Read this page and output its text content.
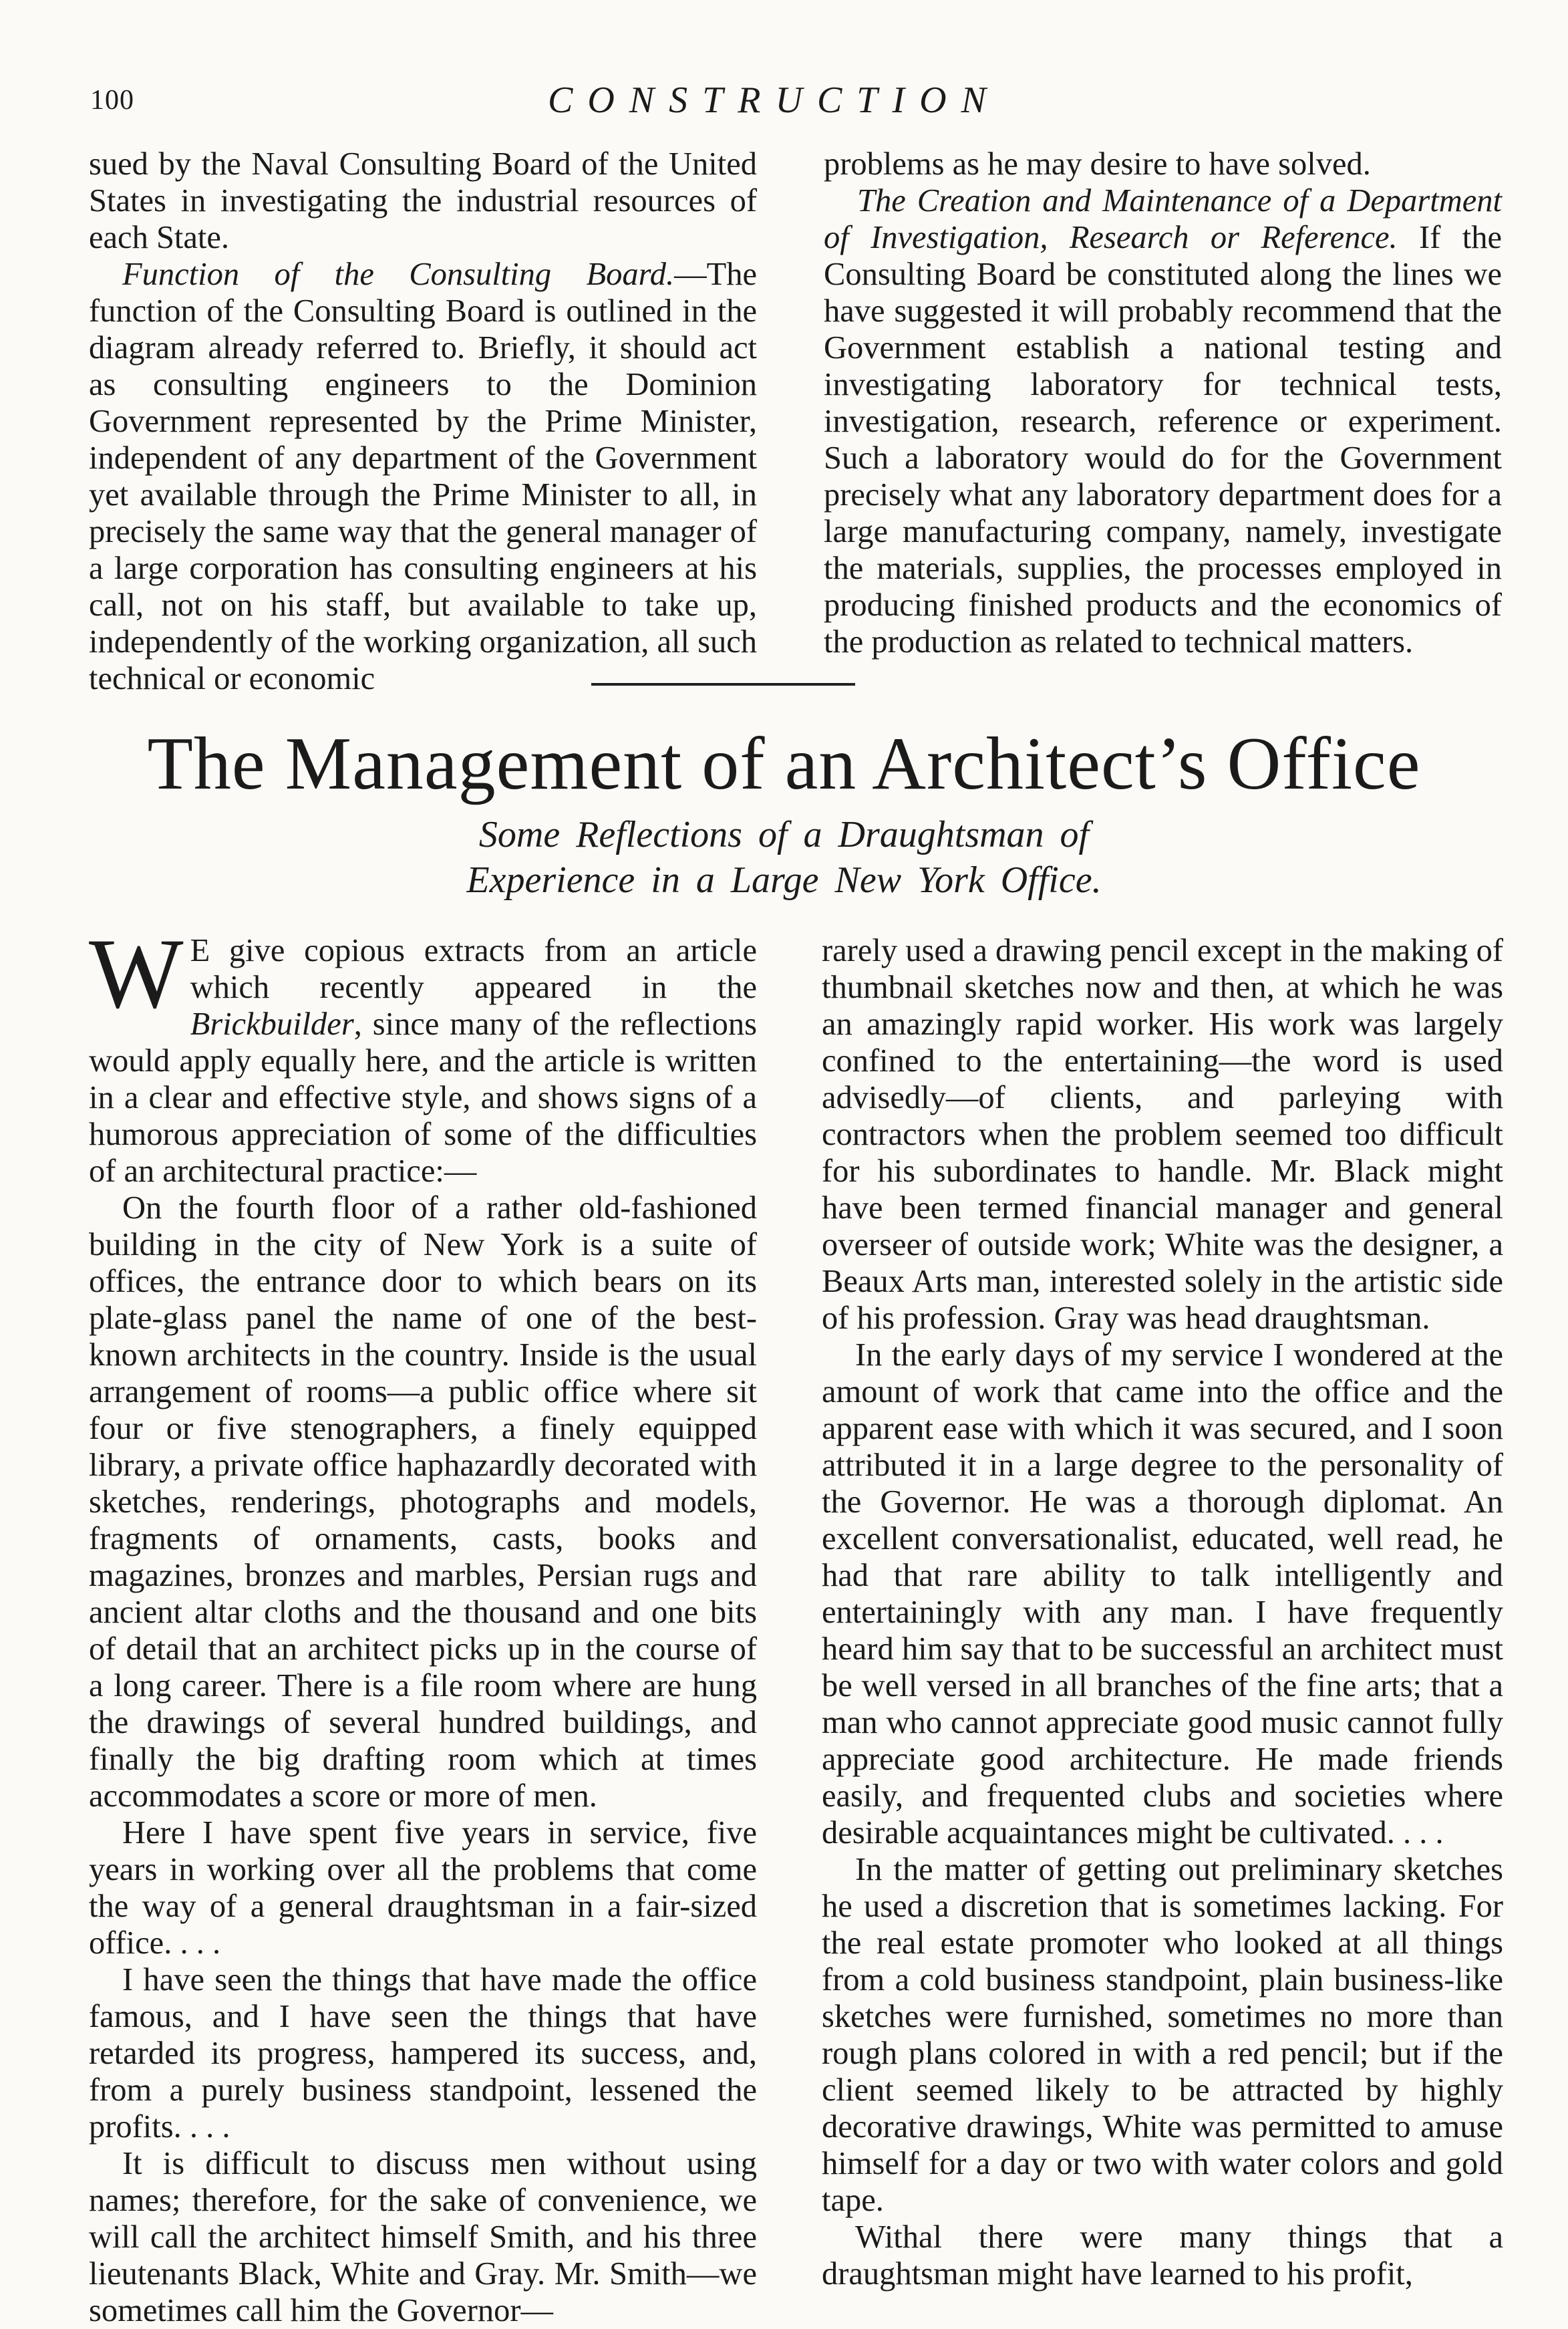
100	CONSTRUCTION

sued by the Naval Consulting Board of the United States in investigating the industrial resources of each State.

Function of the Consulting Board.—The function of the Consulting Board is outlined in the diagram already referred to. Briefly, it should act as consulting engineers to the Dominion Government represented by the Prime Minister, independent of any department of the Government yet available through the Prime Minister to all, in precisely the same way that the general manager of a large corporation has consulting engineers at his call, not on his staff, but available to take up, independently of the working organization, all such technical or economic

problems as he may desire to have solved.

The Creation and Maintenance of a Department of Investigation, Research or Reference. If the Consulting Board be constituted along the lines we have suggested it will probably recommend that the Government establish a national testing and investigating laboratory for technical tests, investigation, research, reference or experiment. Such a laboratory would do for the Government precisely what any laboratory department does for a large manufacturing company, namely, investigate the materials, supplies, the processes employed in producing finished products and the economics of the production as related to technical matters.

The Management of an Architect’s Office
Some Reflections of a Draughtsman of
Experience in a Large New York Office.

W E give copious extracts from an article which recently appeared in the Brickbuilder, since many of the reflections would apply equally here, and the article is written in a clear and effective style, and shows signs of a humorous appreciation of some of the difficulties of an architectural practice:—

On the fourth floor of a rather old-fashioned building in the city of New York is a suite of offices, the entrance door to which bears on its plate-glass panel the name of one of the best-known architects in the country. Inside is the usual arrangement of rooms—a public office where sit four or five stenographers, a finely equipped library, a private office haphazardly decorated with sketches, renderings, photographs and models, fragments of ornaments, casts, books and magazines, bronzes and marbles, Persian rugs and ancient altar cloths and the thousand and one bits of detail that an architect picks up in the course of a long career. There is a file room where are hung the drawings of several hundred buildings, and finally the big drafting room which at times accommodates a score or more of men.

Here I have spent five years in service, five years in working over all the problems that come the way of a general draughtsman in a fair-sized office. . . .

I have seen the things that have made the office famous, and I have seen the things that have retarded its progress, hampered its success, and, from a purely business standpoint, lessened the profits. . . .

It is difficult to discuss men without using names; therefore, for the sake of convenience, we will call the architect himself Smith, and his three lieutenants Black, White and Gray. Mr. Smith—we sometimes call him the Governor—

rarely used a drawing pencil except in the making of thumbnail sketches now and then, at which he was an amazingly rapid worker. His work was largely confined to the entertaining—the word is used advisedly—of clients, and parleying with contractors when the problem seemed too difficult for his subordinates to handle. Mr. Black might have been termed financial manager and general overseer of outside work; White was the designer, a Beaux Arts man, interested solely in the artistic side of his profession. Gray was head draughtsman.

In the early days of my service I wondered at the amount of work that came into the office and the apparent ease with which it was secured, and I soon attributed it in a large degree to the personality of the Governor. He was a thorough diplomat. An excellent conversationalist, educated, well read, he had that rare ability to talk intelligently and entertainingly with any man. I have frequently heard him say that to be successful an architect must be well versed in all branches of the fine arts; that a man who cannot appreciate good music cannot fully appreciate good architecture. He made friends easily, and frequented clubs and societies where desirable acquaintances might be cultivated. . . .

In the matter of getting out preliminary sketches he used a discretion that is sometimes lacking. For the real estate promoter who looked at all things from a cold business standpoint, plain business-like sketches were furnished, sometimes no more than rough plans colored in with a red pencil; but if the client seemed likely to be attracted by highly decorative drawings, White was permitted to amuse himself for a day or two with water colors and gold tape.

Withal there were many things that a draughtsman might have learned to his profit,
